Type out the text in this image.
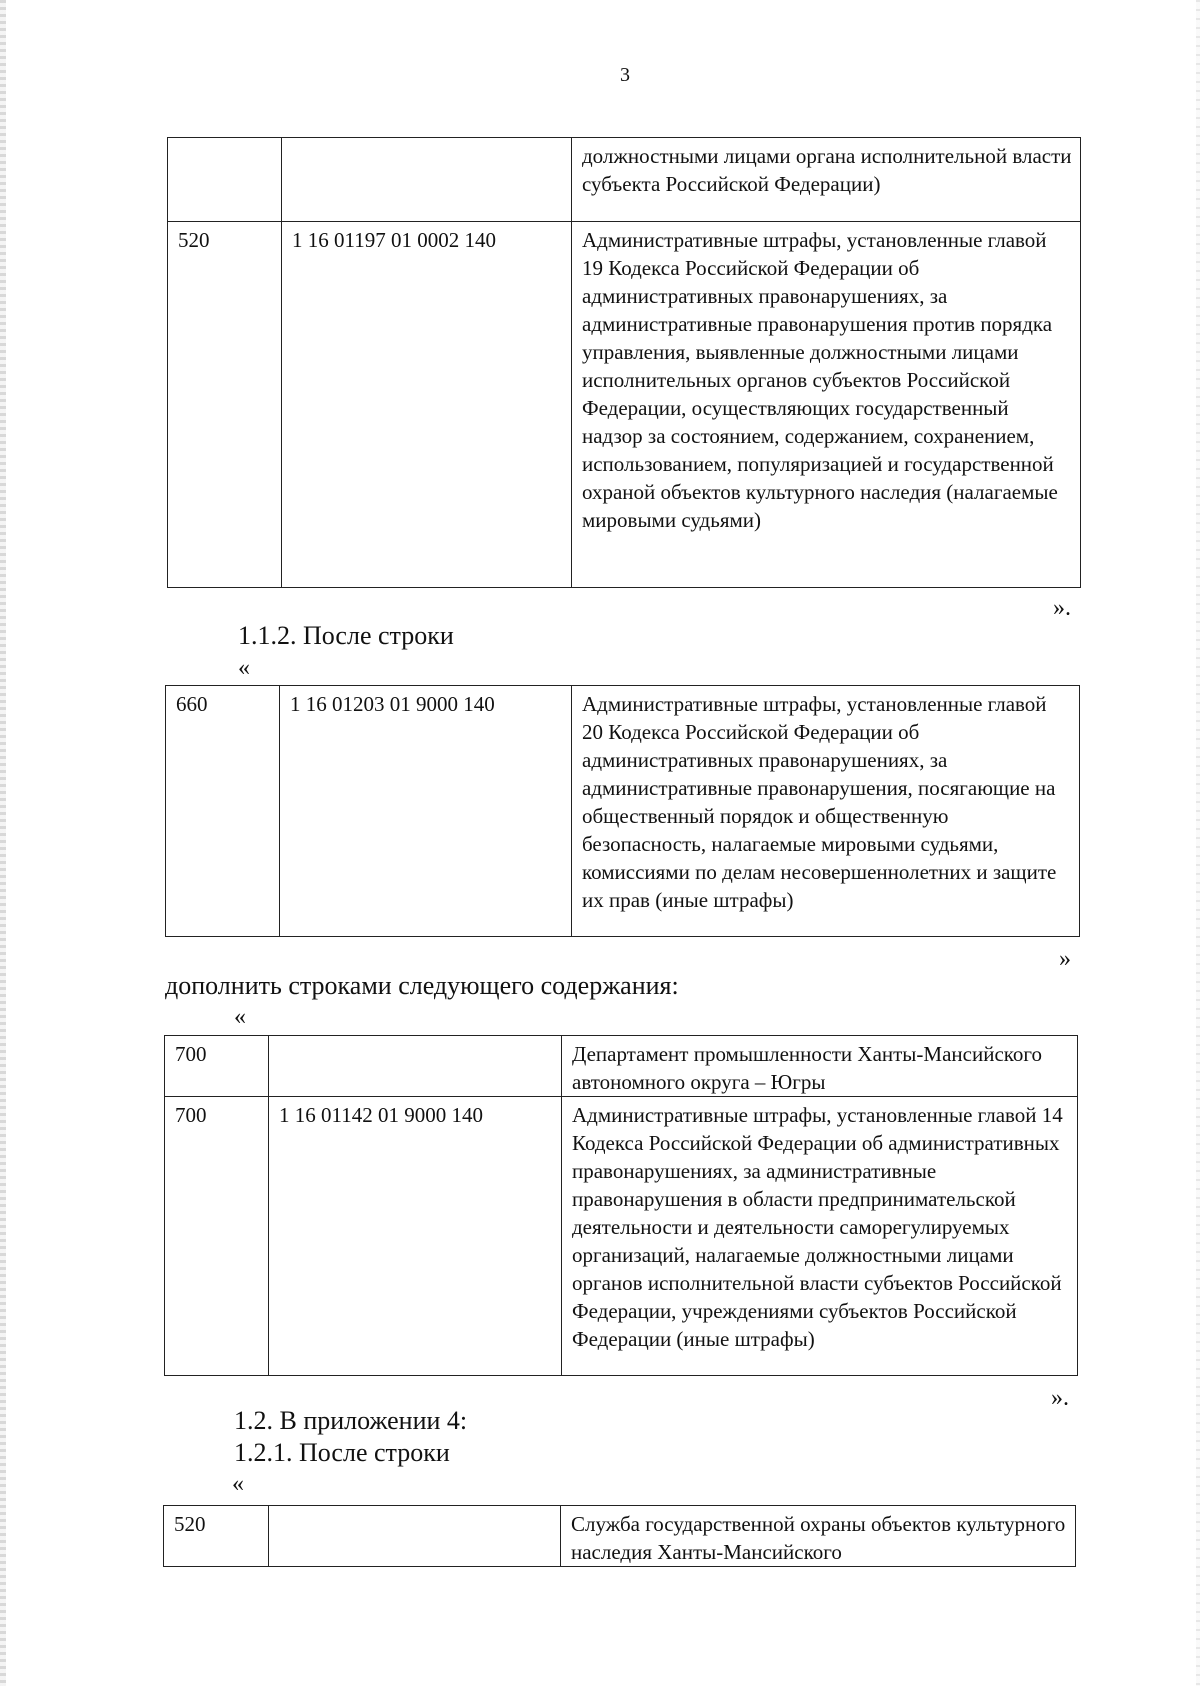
3
		должностными лицами органа исполнительной власти субъекта Российской Федерации)
520	1 16 01197 01 0002 140	Административные штрафы, установленные главой 19 Кодекса Российской Федерации об административных правонарушениях, за административные правонарушения против порядка управления, выявленные должностными лицами исполнительных органов субъектов Российской Федерации, осуществляющих государственный надзор за состоянием, содержанием, сохранением, использованием, популяризацией и государственной охраной объектов культурного наследия (налагаемые мировыми судьями)
».
1.1.2. После строки
«
660	1 16 01203 01 9000 140	Административные штрафы, установленные главой 20 Кодекса Российской Федерации об административных правонарушениях, за административные правонарушения, посягающие на общественный порядок и общественную безопасность, налагаемые мировыми судьями, комиссиями по делам несовершеннолетних и защите их прав (иные штрафы)
»
дополнить строками следующего содержания:
«
700		Департамент промышленности Ханты-Мансийского автономного округа – Югры
700	1 16 01142 01 9000 140	Административные штрафы, установленные главой 14 Кодекса Российской Федерации об административных правонарушениях, за административные правонарушения в области предпринимательской деятельности и деятельности саморегулируемых организаций, налагаемые должностными лицами органов исполнительной власти субъектов Российской Федерации, учреждениями субъектов Российской Федерации (иные штрафы)
».
1.2. В приложении 4:
1.2.1. После строки
«
520		Служба государственной охраны объектов культурного наследия Ханты-Мансийского
